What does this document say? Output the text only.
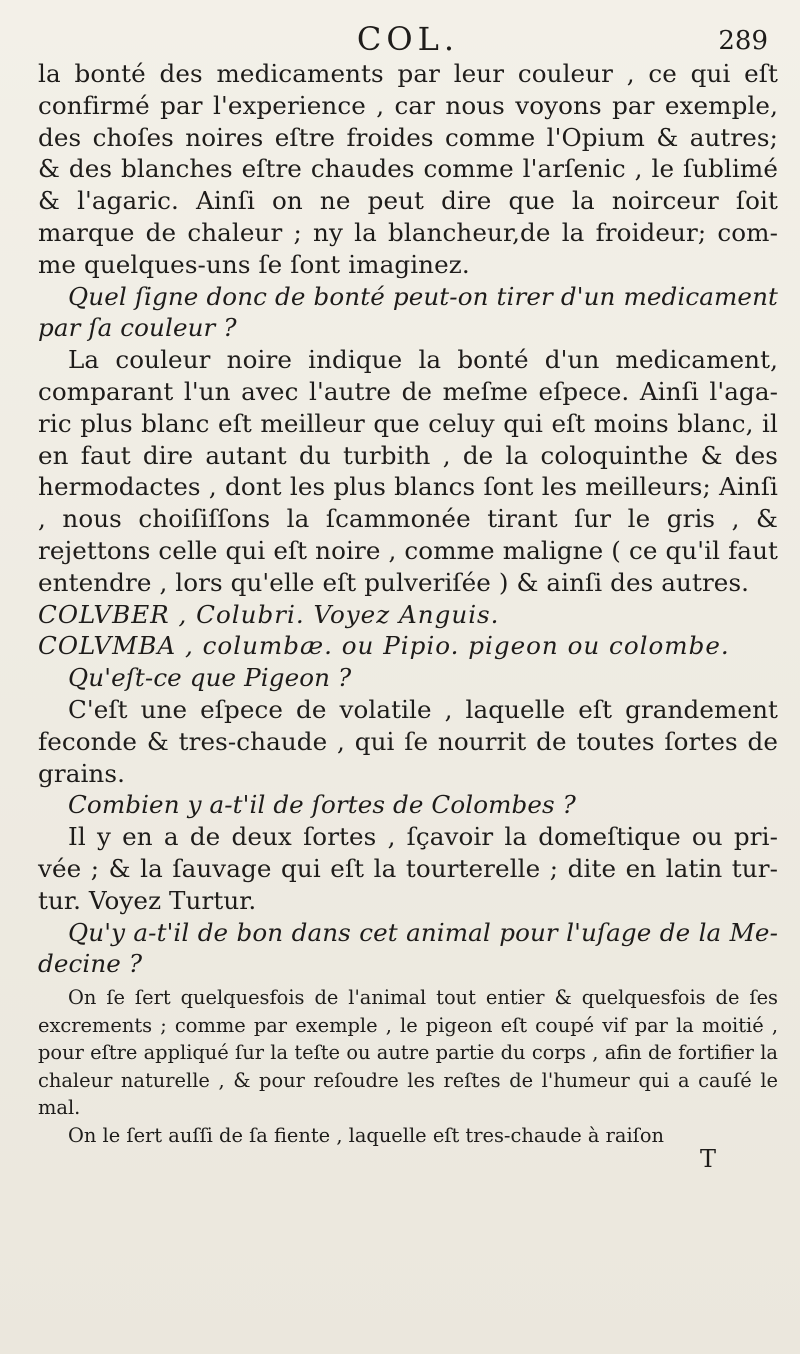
COL.	289

la bonté des medicaments par leur couleur , ce qui eſt confirmé par l'experience , car nous voyons par exemple, des choſes noires eſtre froides comme l'Opium & autres; & des blanches eſtre chaudes comme l'arſenic , le ſublimé & l'agaric. Ainſi on ne peut dire que la noirceur ſoit marque de chaleur ; ny la blancheur,de la froideur; com- me quelques-uns ſe ſont imaginez.

Quel ſigne donc de bonté peut-on tirer d'un medicament par ſa couleur ?

La couleur noire indique la bonté d'un medicament, comparant l'un avec l'autre de meſme eſpece. Ainſi l'aga- ric plus blanc eſt meilleur que celuy qui eſt moins blanc, il en faut dire autant du turbith , de la coloquinthe & des hermodactes , dont les plus blancs ſont les meilleurs; Ainſi , nous choiſiſſons la ſcammonée tirant ſur le gris , & rejettons celle qui eſt noire , comme maligne ( ce qu'il faut entendre , lors qu'elle eſt pulveriſée ) & ainſi des autres.

COLVBER , Colubri. Voyez Anguis.

COLVMBA , columbæ. ou Pipio. pigeon ou colombe.

Qu'eſt-ce que Pigeon ?

C'eſt une eſpece de volatile , laquelle eſt grandement feconde & tres-chaude , qui ſe nourrit de toutes ſortes de grains.

Combien y a-t'il de ſortes de Colombes ?

Il y en a de deux ſortes , ſçavoir la domeſtique ou pri- vée ; & la ſauvage qui eſt la tourterelle ; dite en latin tur- tur. Voyez Turtur.

Qu'y a-t'il de bon dans cet animal pour l'uſage de la Me- decine ?

On ſe ſert quelquesfois de l'animal tout entier & quelquesfois de ſes excrements ; comme par exemple , le pigeon eſt coupé vif par la moitié , pour eſtre appliqué ſur la teſte ou autre partie du corps , afin de fortifier la chaleur naturelle , & pour reſoudre les reſtes de l'humeur qui a cauſé le mal.

On le ſert auſſi de ſa fiente , laquelle eſt tres-chaude à raiſon

T
